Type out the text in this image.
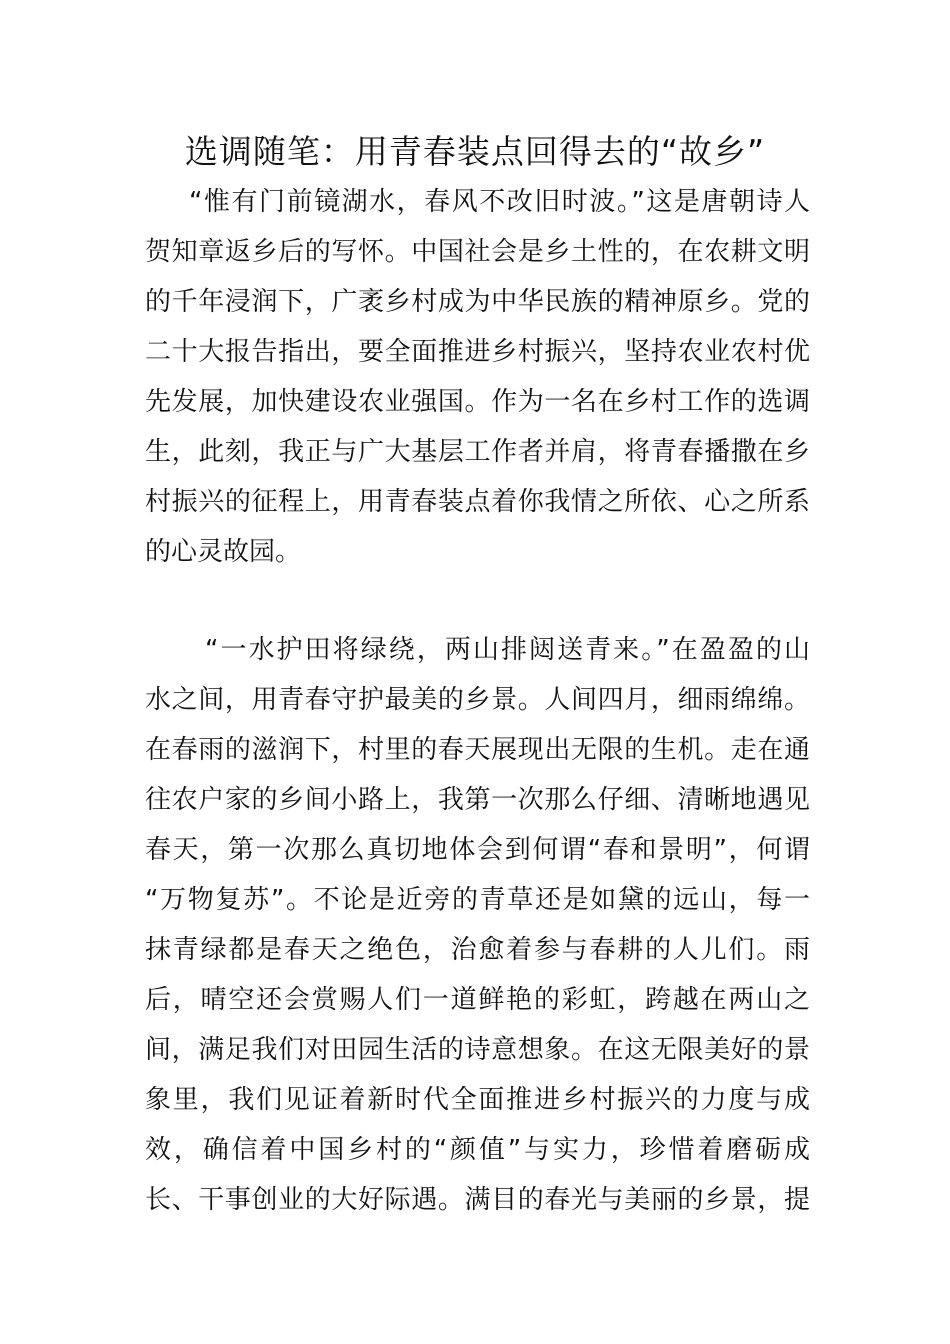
选调随笔：用青春装点回得去的“故乡”
“惟有门前镜湖水，春风不改旧时波。”这是唐朝诗人
贺知章返乡后的写怀。中国社会是乡土性的，在农耕文明
的千年浸润下，广袤乡村成为中华民族的精神原乡。党的
二十大报告指出，要全面推进乡村振兴，坚持农业农村优
先发展，加快建设农业强国。作为一名在乡村工作的选调
生，此刻，我正与广大基层工作者并肩，将青春播撒在乡
村振兴的征程上，用青春装点着你我情之所依、心之所系
的心灵故园。
“一水护田将绿绕，两山排闼送青来。”在盈盈的山
水之间，用青春守护最美的乡景。人间四月，细雨绵绵。
在春雨的滋润下，村里的春天展现出无限的生机。走在通
往农户家的乡间小路上，我第一次那么仔细、清晰地遇见
春天，第一次那么真切地体会到何谓“春和景明”，何谓
“万物复苏”。不论是近旁的青草还是如黛的远山，每一
抹青绿都是春天之绝色，治愈着参与春耕的人儿们。雨
后，晴空还会赏赐人们一道鲜艳的彩虹，跨越在两山之
间，满足我们对田园生活的诗意想象。在这无限美好的景
象里，我们见证着新时代全面推进乡村振兴的力度与成
效，确信着中国乡村的“颜值”与实力，珍惜着磨砺成
长、干事创业的大好际遇。满目的春光与美丽的乡景，提
